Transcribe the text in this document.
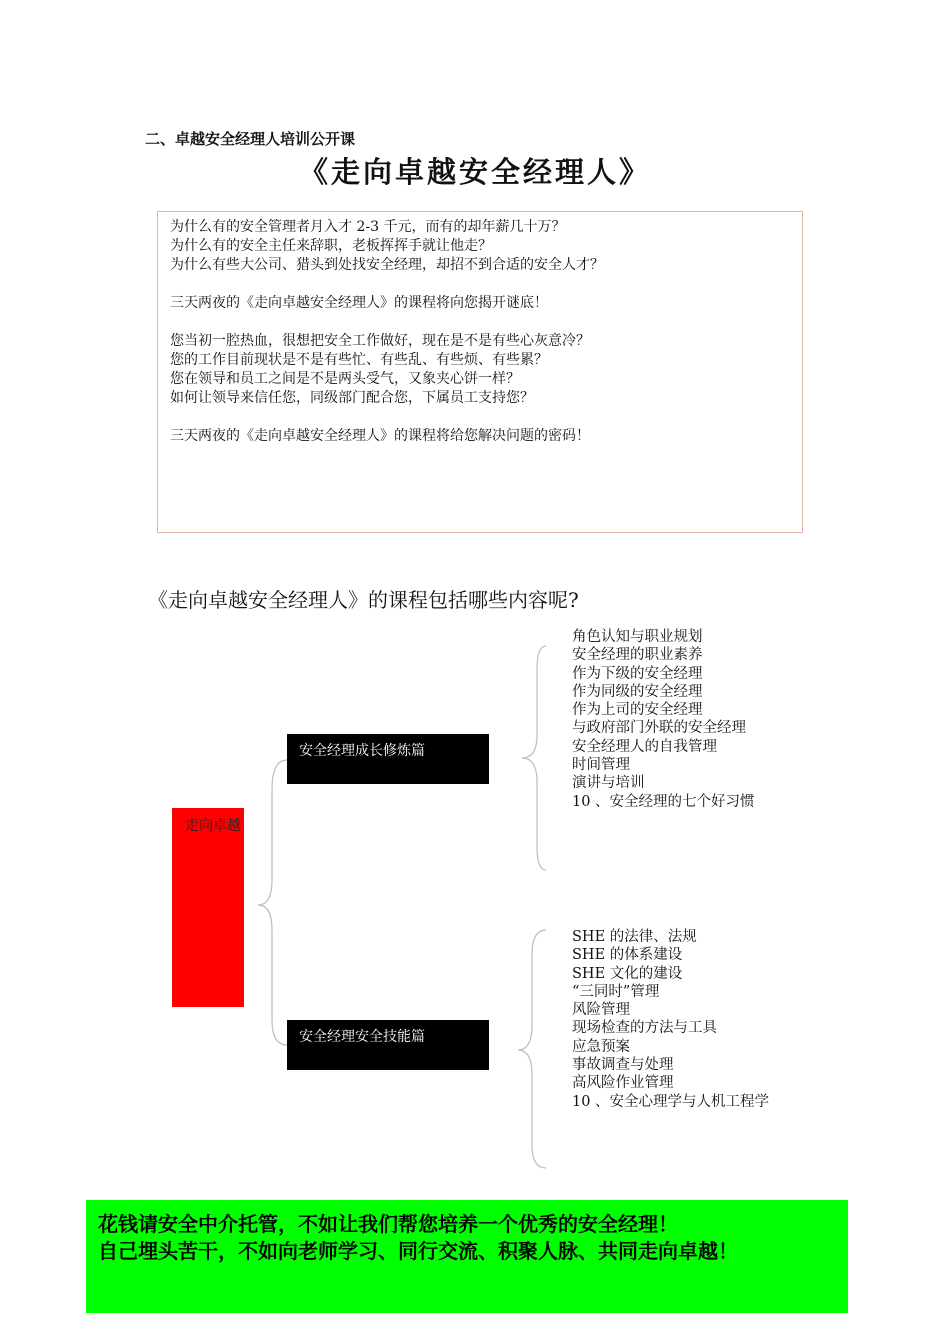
二、卓越安全经理人培训公开课
《走向卓越安全经理人》
为什么有的安全管理者月入才 2-3 千元，而有的却年薪几十万？
为什么有的安全主任来辞职，老板挥挥手就让他走？
为什么有些大公司、猎头到处找安全经理，却招不到合适的安全人才？
三天两夜的《走向卓越安全经理人》的课程将向您揭开谜底！
您当初一腔热血，很想把安全工作做好，现在是不是有些心灰意冷？
您的工作目前现状是不是有些忙、有些乱、有些烦、有些累？
您在领导和员工之间是不是两头受气，又象夹心饼一样？
如何让领导来信任您，同级部门配合您，下属员工支持您？
三天两夜的《走向卓越安全经理人》的课程将给您解决问题的密码！
《走向卓越安全经理人》的课程包括哪些内容呢?
走向卓越
安全经理成长修炼篇
安全经理安全技能篇
角色认知与职业规划
安全经理的职业素养
作为下级的安全经理
作为同级的安全经理
作为上司的安全经理
与政府部门外联的安全经理
安全经理人的自我管理
时间管理
演讲与培训
10 、安全经理的七个好习惯
SHE 的法律、法规
SHE 的体系建设
SHE 文化的建设
“三同时”管理
风险管理
现场检查的方法与工具
应急预案
事故调查与处理
高风险作业管理
10 、安全心理学与人机工程学
花钱请安全中介托管，不如让我们帮您培养一个优秀的安全经理！
自己埋头苦干，不如向老师学习、同行交流、积聚人脉、共同走向卓越！
